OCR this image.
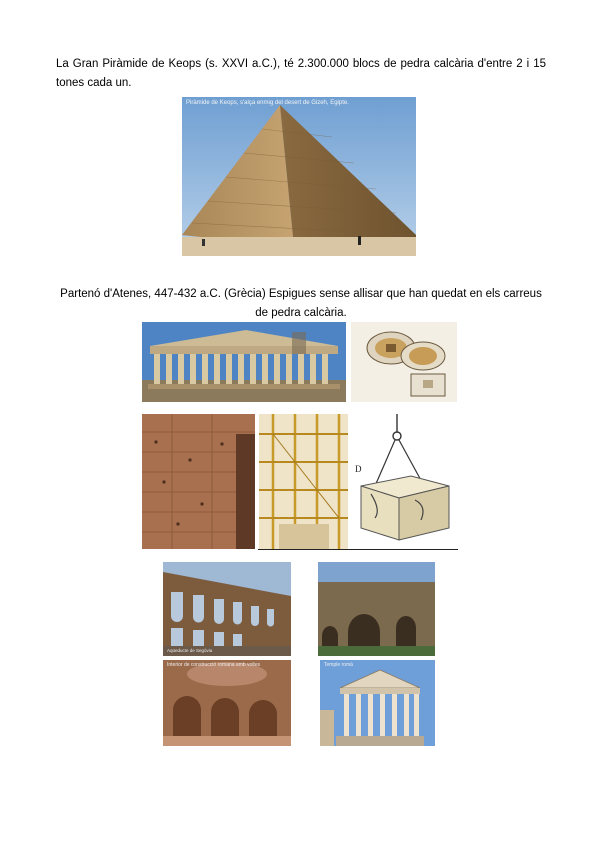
La Gran Piràmide de Keops (s. XXVI a.C.), té 2.300.000 blocs de pedra calcària d'entre 2 i 15 tones cada un.
Piràmide de Keops, s'alça enmig del desert de Gizeh, Egipte.
Partenó d'Atenes, 447-432 a.C. (Grècia) Espigues sense allisar que han quedat en els carreus de pedra calcària.
D
Aqüeducte de Segòvia
Interior de construcció romana amb voltes	Temple romà
